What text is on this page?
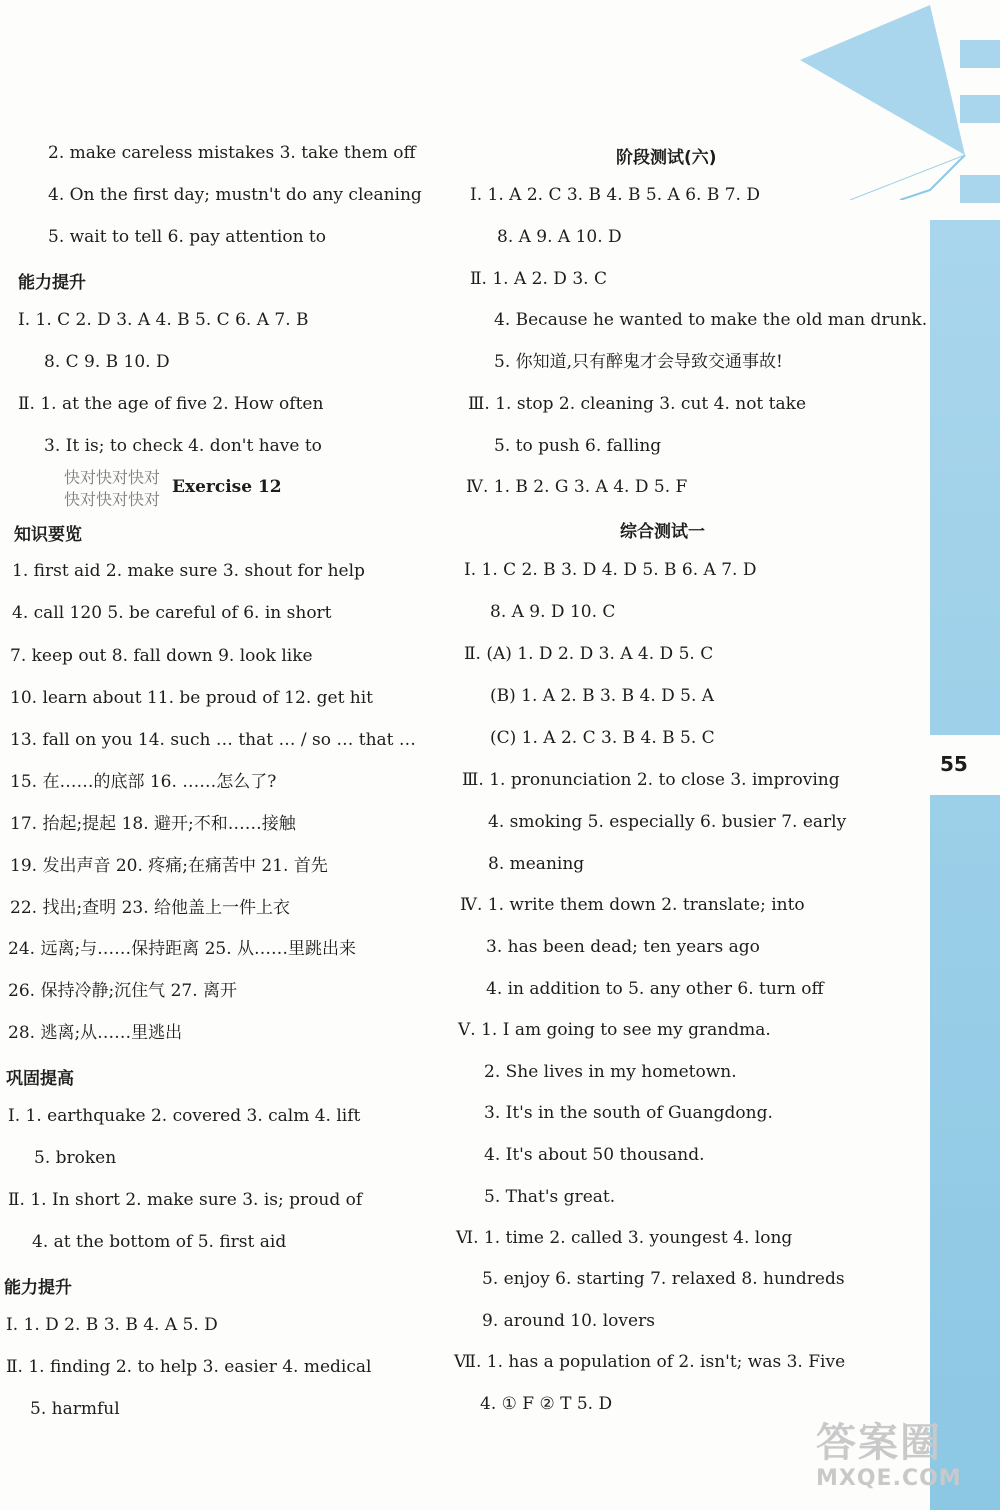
55
2. make careless mistakes 3. take them off
4. On the first day; mustn't do any cleaning
5. wait to tell 6. pay attention to
能力提升
Ⅰ. 1. C 2. D 3. A 4. B 5. C 6. A 7. B
8. C 9. B 10. D
Ⅱ. 1. at the age of five 2. How often
3. It is; to check 4. don't have to
快对快对快对
快对快对快对
Exercise 12
知识要览
1. first aid 2. make sure 3. shout for help
4. call 120 5. be careful of 6. in short
7. keep out 8. fall down 9. look like
10. learn about 11. be proud of 12. get hit
13. fall on you 14. such … that … / so … that …
15. 在……的底部 16. ……怎么了?
17. 抬起;提起 18. 避开;不和……接触
19. 发出声音 20. 疼痛;在痛苦中 21. 首先
22. 找出;查明 23. 给他盖上一件上衣
24. 远离;与……保持距离 25. 从……里跳出来
26. 保持冷静;沉住气 27. 离开
28. 逃离;从……里逃出
巩固提高
Ⅰ. 1. earthquake 2. covered 3. calm 4. lift
5. broken
Ⅱ. 1. In short 2. make sure 3. is; proud of
4. at the bottom of 5. first aid
能力提升
Ⅰ. 1. D 2. B 3. B 4. A 5. D
Ⅱ. 1. finding 2. to help 3. easier 4. medical
5. harmful
阶段测试(六)
Ⅰ. 1. A 2. C 3. B 4. B 5. A 6. B 7. D
8. A 9. A 10. D
Ⅱ. 1. A 2. D 3. C
4. Because he wanted to make the old man drunk.
5. 你知道,只有醉鬼才会导致交通事故!
Ⅲ. 1. stop 2. cleaning 3. cut 4. not take
5. to push 6. falling
Ⅳ. 1. B 2. G 3. A 4. D 5. F
综合测试一
Ⅰ. 1. C 2. B 3. D 4. D 5. B 6. A 7. D
8. A 9. D 10. C
Ⅱ. (A) 1. D 2. D 3. A 4. D 5. C
(B) 1. A 2. B 3. B 4. D 5. A
(C) 1. A 2. C 3. B 4. B 5. C
Ⅲ. 1. pronunciation 2. to close 3. improving
4. smoking 5. especially 6. busier 7. early
8. meaning
Ⅳ. 1. write them down 2. translate; into
3. has been dead; ten years ago
4. in addition to 5. any other 6. turn off
Ⅴ. 1. I am going to see my grandma.
2. She lives in my hometown.
3. It's in the south of Guangdong.
4. It's about 50 thousand.
5. That's great.
Ⅵ. 1. time 2. called 3. youngest 4. long
5. enjoy 6. starting 7. relaxed 8. hundreds
9. around 10. lovers
Ⅶ. 1. has a population of 2. isn't; was 3. Five
4. ① F ② T 5. D
答案圈
MXQE.COM
